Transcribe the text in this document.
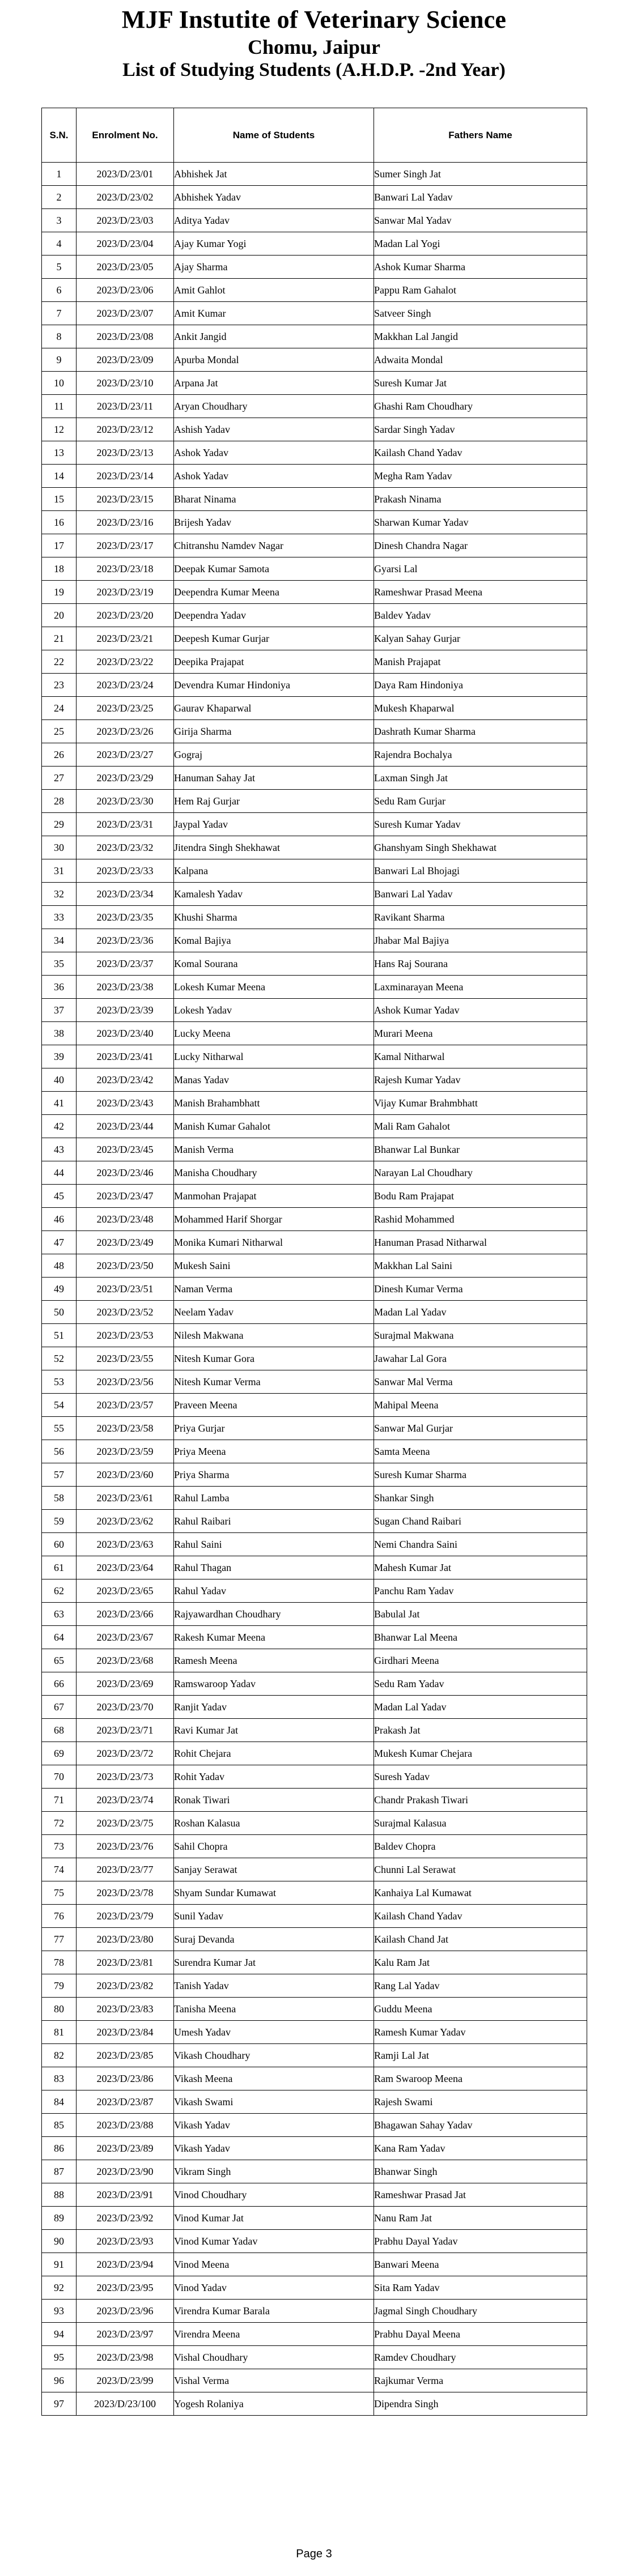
MJF Instutite of Veterinary Science
Chomu, Jaipur
List of Studying Students (A.H.D.P. -2nd Year)
S.N.	Enrolment No.	Name of Students	Fathers Name
1	2023/D/23/01	Abhishek Jat	Sumer Singh Jat
2	2023/D/23/02	Abhishek Yadav	Banwari Lal Yadav
3	2023/D/23/03	Aditya Yadav	Sanwar Mal Yadav
4	2023/D/23/04	Ajay Kumar Yogi	Madan Lal Yogi
5	2023/D/23/05	Ajay Sharma	Ashok Kumar Sharma
6	2023/D/23/06	Amit Gahlot	Pappu Ram Gahalot
7	2023/D/23/07	Amit Kumar	Satveer Singh
8	2023/D/23/08	Ankit Jangid	Makkhan Lal Jangid
9	2023/D/23/09	Apurba Mondal	Adwaita Mondal
10	2023/D/23/10	Arpana Jat	Suresh Kumar Jat
11	2023/D/23/11	Aryan Choudhary	Ghashi Ram Choudhary
12	2023/D/23/12	Ashish Yadav	Sardar Singh Yadav
13	2023/D/23/13	Ashok Yadav	Kailash Chand Yadav
14	2023/D/23/14	Ashok Yadav	Megha Ram Yadav
15	2023/D/23/15	Bharat Ninama	Prakash Ninama
16	2023/D/23/16	Brijesh Yadav	Sharwan Kumar Yadav
17	2023/D/23/17	Chitranshu Namdev Nagar	Dinesh Chandra Nagar
18	2023/D/23/18	Deepak Kumar Samota	Gyarsi Lal
19	2023/D/23/19	Deependra Kumar Meena	Rameshwar Prasad Meena
20	2023/D/23/20	Deependra Yadav	Baldev Yadav
21	2023/D/23/21	Deepesh Kumar Gurjar	Kalyan Sahay Gurjar
22	2023/D/23/22	Deepika Prajapat	Manish Prajapat
23	2023/D/23/24	Devendra Kumar Hindoniya	Daya Ram Hindoniya
24	2023/D/23/25	Gaurav Khaparwal	Mukesh Khaparwal
25	2023/D/23/26	Girija Sharma	Dashrath Kumar Sharma
26	2023/D/23/27	Gograj	Rajendra Bochalya
27	2023/D/23/29	Hanuman Sahay Jat	Laxman Singh Jat
28	2023/D/23/30	Hem Raj Gurjar	Sedu Ram Gurjar
29	2023/D/23/31	Jaypal Yadav	Suresh Kumar Yadav
30	2023/D/23/32	Jitendra Singh Shekhawat	Ghanshyam Singh Shekhawat
31	2023/D/23/33	Kalpana	Banwari Lal Bhojagi
32	2023/D/23/34	Kamalesh Yadav	Banwari Lal Yadav
33	2023/D/23/35	Khushi Sharma	Ravikant Sharma
34	2023/D/23/36	Komal Bajiya	Jhabar Mal Bajiya
35	2023/D/23/37	Komal Sourana	Hans Raj Sourana
36	2023/D/23/38	Lokesh Kumar Meena	Laxminarayan Meena
37	2023/D/23/39	Lokesh Yadav	Ashok Kumar Yadav
38	2023/D/23/40	Lucky Meena	Murari Meena
39	2023/D/23/41	Lucky Nitharwal	Kamal Nitharwal
40	2023/D/23/42	Manas Yadav	Rajesh Kumar Yadav
41	2023/D/23/43	Manish Brahambhatt	Vijay Kumar Brahmbhatt
42	2023/D/23/44	Manish Kumar Gahalot	Mali Ram Gahalot
43	2023/D/23/45	Manish Verma	Bhanwar Lal Bunkar
44	2023/D/23/46	Manisha Choudhary	Narayan Lal Choudhary
45	2023/D/23/47	Manmohan Prajapat	Bodu Ram Prajapat
46	2023/D/23/48	Mohammed Harif Shorgar	Rashid Mohammed
47	2023/D/23/49	Monika Kumari Nitharwal	Hanuman Prasad Nitharwal
48	2023/D/23/50	Mukesh Saini	Makkhan Lal Saini
49	2023/D/23/51	Naman Verma	Dinesh Kumar Verma
50	2023/D/23/52	Neelam Yadav	Madan Lal Yadav
51	2023/D/23/53	Nilesh Makwana	Surajmal Makwana
52	2023/D/23/55	Nitesh Kumar Gora	Jawahar Lal Gora
53	2023/D/23/56	Nitesh Kumar Verma	Sanwar Mal Verma
54	2023/D/23/57	Praveen Meena	Mahipal Meena
55	2023/D/23/58	Priya Gurjar	Sanwar Mal Gurjar
56	2023/D/23/59	Priya Meena	Samta Meena
57	2023/D/23/60	Priya Sharma	Suresh Kumar Sharma
58	2023/D/23/61	Rahul Lamba	Shankar Singh
59	2023/D/23/62	Rahul Raibari	Sugan Chand Raibari
60	2023/D/23/63	Rahul Saini	Nemi Chandra Saini
61	2023/D/23/64	Rahul Thagan	Mahesh Kumar Jat
62	2023/D/23/65	Rahul Yadav	Panchu Ram Yadav
63	2023/D/23/66	Rajyawardhan Choudhary	Babulal Jat
64	2023/D/23/67	Rakesh Kumar Meena	Bhanwar Lal Meena
65	2023/D/23/68	Ramesh Meena	Girdhari Meena
66	2023/D/23/69	Ramswaroop Yadav	Sedu Ram Yadav
67	2023/D/23/70	Ranjit Yadav	Madan Lal Yadav
68	2023/D/23/71	Ravi Kumar Jat	Prakash Jat
69	2023/D/23/72	Rohit Chejara	Mukesh Kumar Chejara
70	2023/D/23/73	Rohit Yadav	Suresh Yadav
71	2023/D/23/74	Ronak Tiwari	Chandr Prakash Tiwari
72	2023/D/23/75	Roshan Kalasua	Surajmal Kalasua
73	2023/D/23/76	Sahil Chopra	Baldev Chopra
74	2023/D/23/77	Sanjay Serawat	Chunni Lal Serawat
75	2023/D/23/78	Shyam Sundar Kumawat	Kanhaiya Lal Kumawat
76	2023/D/23/79	Sunil Yadav	Kailash Chand Yadav
77	2023/D/23/80	Suraj Devanda	Kailash Chand Jat
78	2023/D/23/81	Surendra Kumar Jat	Kalu Ram Jat
79	2023/D/23/82	Tanish Yadav	Rang Lal Yadav
80	2023/D/23/83	Tanisha Meena	Guddu Meena
81	2023/D/23/84	Umesh Yadav	Ramesh Kumar Yadav
82	2023/D/23/85	Vikash Choudhary	Ramji Lal Jat
83	2023/D/23/86	Vikash Meena	Ram Swaroop Meena
84	2023/D/23/87	Vikash Swami	Rajesh Swami
85	2023/D/23/88	Vikash Yadav	Bhagawan Sahay Yadav
86	2023/D/23/89	Vikash Yadav	Kana Ram Yadav
87	2023/D/23/90	Vikram Singh	Bhanwar Singh
88	2023/D/23/91	Vinod Choudhary	Rameshwar Prasad Jat
89	2023/D/23/92	Vinod Kumar Jat	Nanu Ram Jat
90	2023/D/23/93	Vinod Kumar Yadav	Prabhu Dayal Yadav
91	2023/D/23/94	Vinod Meena	Banwari Meena
92	2023/D/23/95	Vinod Yadav	Sita Ram Yadav
93	2023/D/23/96	Virendra Kumar Barala	Jagmal Singh Choudhary
94	2023/D/23/97	Virendra Meena	Prabhu Dayal Meena
95	2023/D/23/98	Vishal Choudhary	Ramdev Choudhary
96	2023/D/23/99	Vishal Verma	Rajkumar Verma
97	2023/D/23/100	Yogesh Rolaniya	Dipendra Singh
Page 3
